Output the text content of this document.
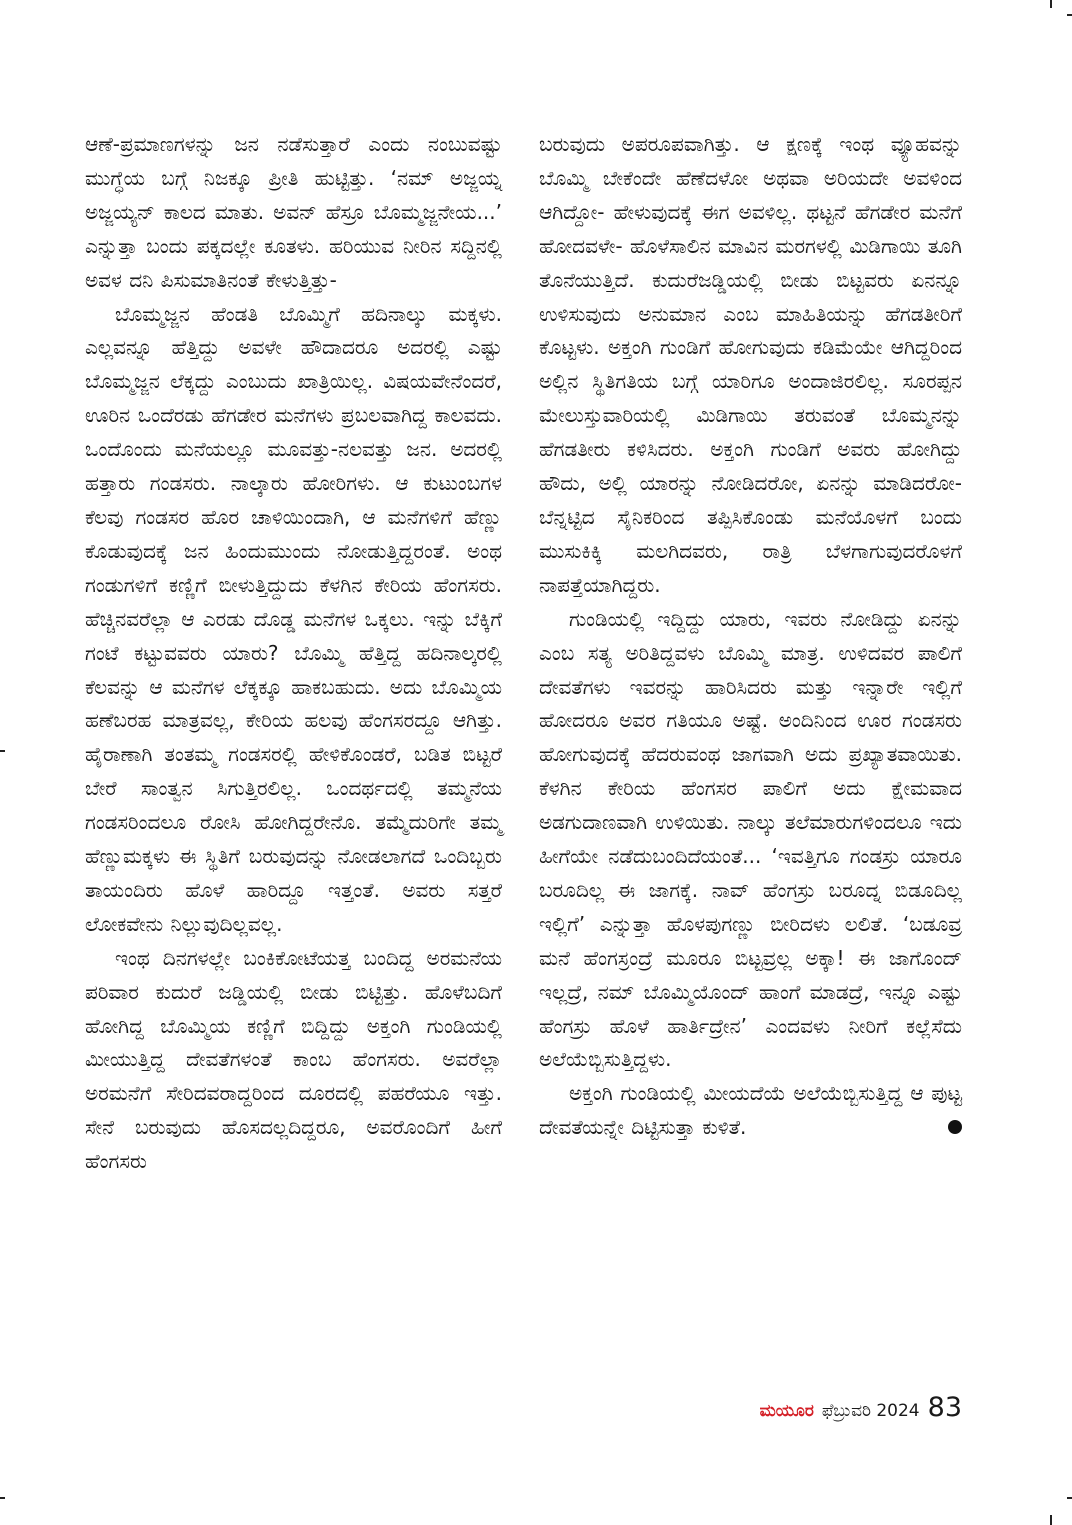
ಆಣೆ-ಪ್ರಮಾಣಗಳನ್ನು ಜನ ನಡೆಸುತ್ತಾರೆ ಎಂದು ನಂಬುವಷ್ಟು ಮುಗ್ಧೆಯ ಬಗ್ಗೆ ನಿಜಕ್ಕೂ ಪ್ರೀತಿ ಹುಟ್ಟಿತ್ತು. ‘ನಮ್ ಅಜ್ಜಯ್ನ ಅಜ್ಜಯ್ಯನ್ ಕಾಲದ ಮಾತು. ಅವನ್ ಹೆಸ್ರೂ ಬೊಮ್ಮಜ್ಜನೇಯ...’ ಎನ್ನುತ್ತಾ ಬಂದು ಪಕ್ಕದಲ್ಲೇ ಕೂತಳು. ಹರಿಯುವ ನೀರಿನ ಸದ್ದಿನಲ್ಲಿ ಅವಳ ದನಿ ಪಿಸುಮಾತಿನಂತೆ ಕೇಳುತ್ತಿತ್ತು-

ಬೊಮ್ಮಜ್ಜನ ಹೆಂಡತಿ ಬೊಮ್ಮಿಗೆ ಹದಿನಾಲ್ಕು ಮಕ್ಕಳು. ಎಲ್ಲವನ್ನೂ ಹೆತ್ತಿದ್ದು ಅವಳೇ ಹೌದಾದರೂ ಅದರಲ್ಲಿ ಎಷ್ಟು ಬೊಮ್ಮಜ್ಜನ ಲೆಕ್ಕದ್ದು ಎಂಬುದು ಖಾತ್ರಿಯಿಲ್ಲ. ವಿಷಯವೇನೆಂದರೆ, ಊರಿನ ಒಂದೆರಡು ಹೆಗಡೇರ ಮನೆಗಳು ಪ್ರಬಲವಾಗಿದ್ದ ಕಾಲವದು. ಒಂದೊಂದು ಮನೆಯಲ್ಲೂ ಮೂವತ್ತು-ನಲವತ್ತು ಜನ. ಅದರಲ್ಲಿ ಹತ್ತಾರು ಗಂಡಸರು. ನಾಲ್ಕಾರು ಹೋರಿಗಳು. ಆ ಕುಟುಂಬಗಳ ಕೆಲವು ಗಂಡಸರ ಹೊರ ಚಾಳಿಯಿಂದಾಗಿ, ಆ ಮನೆಗಳಿಗೆ ಹೆಣ್ಣು ಕೊಡುವುದಕ್ಕೆ ಜನ ಹಿಂದುಮುಂದು ನೋಡುತ್ತಿದ್ದರಂತೆ. ಅಂಥ ಗಂಡುಗಳಿಗೆ ಕಣ್ಣಿಗೆ ಬೀಳುತ್ತಿದ್ದುದು ಕೆಳಗಿನ ಕೇರಿಯ ಹೆಂಗಸರು. ಹೆಚ್ಚಿನವರೆಲ್ಲಾ ಆ ಎರಡು ದೊಡ್ಡ ಮನೆಗಳ ಒಕ್ಕಲು. ಇನ್ನು ಬೆಕ್ಕಿಗೆ ಗಂಟೆ ಕಟ್ಟುವವರು ಯಾರು? ಬೊಮ್ಮಿ ಹೆತ್ತಿದ್ದ ಹದಿನಾಲ್ಕರಲ್ಲಿ ಕೆಲವನ್ನು ಆ ಮನೆಗಳ ಲೆಕ್ಕಕ್ಕೂ ಹಾಕಬಹುದು. ಅದು ಬೊಮ್ಮಿಯ ಹಣೆಬರಹ ಮಾತ್ರವಲ್ಲ, ಕೇರಿಯ ಹಲವು ಹೆಂಗಸರದ್ದೂ ಆಗಿತ್ತು. ಹೈರಾಣಾಗಿ ತಂತಮ್ಮ ಗಂಡಸರಲ್ಲಿ ಹೇಳಿಕೊಂಡರೆ, ಬಡಿತ ಬಿಟ್ಟರೆ ಬೇರೆ ಸಾಂತ್ವನ ಸಿಗುತ್ತಿರಲಿಲ್ಲ. ಒಂದರ್ಥದಲ್ಲಿ ತಮ್ಮನೆಯ ಗಂಡಸರಿಂದಲೂ ರೋಸಿ ಹೋಗಿದ್ದರೇನೊ. ತಮ್ಮೆದುರಿಗೇ ತಮ್ಮ ಹೆಣ್ಣುಮಕ್ಕಳು ಈ ಸ್ಥಿತಿಗೆ ಬರುವುದನ್ನು ನೋಡಲಾಗದೆ ಒಂದಿಬ್ಬರು ತಾಯಂದಿರು ಹೊಳೆ ಹಾರಿದ್ದೂ ಇತ್ತಂತೆ. ಅವರು ಸತ್ತರೆ ಲೋಕವೇನು ನಿಲ್ಲುವುದಿಲ್ಲವಲ್ಲ.

ಇಂಥ ದಿನಗಳಲ್ಲೇ ಬಂಕಿಕೋಟೆಯತ್ತ ಬಂದಿದ್ದ ಅರಮನೆಯ ಪರಿವಾರ ಕುದುರೆ ಜಡ್ಡಿಯಲ್ಲಿ ಬೀಡು ಬಿಟ್ಟಿತ್ತು. ಹೊಳೆಬದಿಗೆ ಹೋಗಿದ್ದ ಬೊಮ್ಮಿಯ ಕಣ್ಣಿಗೆ ಬಿದ್ದಿದ್ದು ಅಕ್ತಂಗಿ ಗುಂಡಿಯಲ್ಲಿ ಮೀಯುತ್ತಿದ್ದ ದೇವತೆಗಳಂತೆ ಕಾಂಬ ಹೆಂಗಸರು. ಅವರೆಲ್ಲಾ ಅರಮನೆಗೆ ಸೇರಿದವರಾದ್ದರಿಂದ ದೂರದಲ್ಲಿ ಪಹರೆಯೂ ಇತ್ತು. ಸೇನೆ ಬರುವುದು ಹೊಸದಲ್ಲದಿದ್ದರೂ, ಅವರೊಂದಿಗೆ ಹೀಗೆ ಹೆಂಗಸರು

ಬರುವುದು ಅಪರೂಪವಾಗಿತ್ತು. ಆ ಕ್ಷಣಕ್ಕೆ ಇಂಥ ವ್ಯೂಹವನ್ನು ಬೊಮ್ಮಿ ಬೇಕೆಂದೇ ಹೆಣೆದಳೋ ಅಥವಾ ಅರಿಯದೇ ಅವಳಿಂದ ಆಗಿದ್ದೋ- ಹೇಳುವುದಕ್ಕೆ ಈಗ ಅವಳಿಲ್ಲ. ಥಟ್ಟನೆ ಹೆಗಡೇರ ಮನೆಗೆ ಹೋದವಳೇ- ಹೊಳೆಸಾಲಿನ ಮಾವಿನ ಮರಗಳಲ್ಲಿ ಮಿಡಿಗಾಯಿ ತೂಗಿ ತೊನೆಯುತ್ತಿದೆ. ಕುದುರೆಜಡ್ಡಿಯಲ್ಲಿ ಬೀಡು ಬಿಟ್ಟವರು ಏನನ್ನೂ ಉಳಿಸುವುದು ಅನುಮಾನ ಎಂಬ ಮಾಹಿತಿಯನ್ನು ಹೆಗಡತೀರಿಗೆ ಕೊಟ್ಟಳು. ಅಕ್ತಂಗಿ ಗುಂಡಿಗೆ ಹೋಗುವುದು ಕಡಿಮೆಯೇ ಆಗಿದ್ದರಿಂದ ಅಲ್ಲಿನ ಸ್ಥಿತಿಗತಿಯ ಬಗ್ಗೆ ಯಾರಿಗೂ ಅಂದಾಜಿರಲಿಲ್ಲ. ಸೂರಪ್ಪನ ಮೇಲುಸ್ತುವಾರಿಯಲ್ಲಿ ಮಿಡಿಗಾಯಿ ತರುವಂತೆ ಬೊಮ್ಮನನ್ನು ಹೆಗಡತೀರು ಕಳಿಸಿದರು. ಅಕ್ತಂಗಿ ಗುಂಡಿಗೆ ಅವರು ಹೋಗಿದ್ದು ಹೌದು, ಅಲ್ಲಿ ಯಾರನ್ನು ನೋಡಿದರೋ, ಏನನ್ನು ಮಾಡಿದರೋ- ಬೆನ್ನಟ್ಟಿದ ಸೈನಿಕರಿಂದ ತಪ್ಪಿಸಿಕೊಂಡು ಮನೆಯೊಳಗೆ ಬಂದು ಮುಸುಕಿಕ್ಕಿ ಮಲಗಿದವರು, ರಾತ್ರಿ ಬೆಳಗಾಗುವುದರೊಳಗೆ ನಾಪತ್ತೆಯಾಗಿದ್ದರು.

ಗುಂಡಿಯಲ್ಲಿ ಇದ್ದಿದ್ದು ಯಾರು, ಇವರು ನೋಡಿದ್ದು ಏನನ್ನು ಎಂಬ ಸತ್ಯ ಅರಿತಿದ್ದವಳು ಬೊಮ್ಮಿ ಮಾತ್ರ. ಉಳಿದವರ ಪಾಲಿಗೆ ದೇವತೆಗಳು ಇವರನ್ನು ಹಾರಿಸಿದರು ಮತ್ತು ಇನ್ನಾರೇ ಇಲ್ಲಿಗೆ ಹೋದರೂ ಅವರ ಗತಿಯೂ ಅಷ್ಟೆ. ಅಂದಿನಿಂದ ಊರ ಗಂಡಸರು ಹೋಗುವುದಕ್ಕೆ ಹೆದರುವಂಥ ಜಾಗವಾಗಿ ಅದು ಪ್ರಖ್ಯಾತವಾಯಿತು. ಕೆಳಗಿನ ಕೇರಿಯ ಹೆಂಗಸರ ಪಾಲಿಗೆ ಅದು ಕ್ಷೇಮವಾದ ಅಡಗುದಾಣವಾಗಿ ಉಳಿಯಿತು. ನಾಲ್ಕು ತಲೆಮಾರುಗಳಿಂದಲೂ ಇದು ಹೀಗೆಯೇ ನಡೆದುಬಂದಿದೆಯಂತೆ... ‘ಇವತ್ತಿಗೂ ಗಂಡಸ್ರು ಯಾರೂ ಬರೂದಿಲ್ಲ ಈ ಜಾಗಕ್ಕೆ. ನಾವ್ ಹೆಂಗಸ್ರು ಬರೂದ್ನ ಬಿಡೂದಿಲ್ಲ ಇಲ್ಲಿಗೆ’ ಎನ್ನುತ್ತಾ ಹೊಳಪುಗಣ್ಣು ಬೀರಿದಳು ಲಲಿತೆ. ‘ಬಡೂವ್ರ ಮನೆ ಹೆಂಗಸ್ರಂದ್ರೆ ಮೂರೂ ಬಿಟ್ಟವ್ರಲ್ಲ ಅಕ್ಕಾ! ಈ ಜಾಗೊಂದ್ ಇಲ್ಲದ್ರೆ, ನಮ್ ಬೊಮ್ಮಿಯೊಂದ್ ಹಾಂಗೆ ಮಾಡದ್ರೆ, ಇನ್ನೂ ಎಷ್ಟು ಹೆಂಗಸ್ರು ಹೊಳೆ ಹಾರ್ತಿದ್ರೇನ’ ಎಂದವಳು ನೀರಿಗೆ ಕಲ್ಲೆಸೆದು ಅಲೆಯೆಬ್ಬಿಸುತ್ತಿದ್ದಳು.

ಅಕ್ತಂಗಿ ಗುಂಡಿಯಲ್ಲಿ ಮೀಯದೆಯೆ ಅಲೆಯೆಬ್ಬಿಸುತ್ತಿದ್ದ ಆ ಪುಟ್ಟ ದೇವತೆಯನ್ನೇ ದಿಟ್ಟಿಸುತ್ತಾ ಕುಳಿತೆ.

ಮಯೂರ ಫೆಬ್ರುವರಿ 2024 83
